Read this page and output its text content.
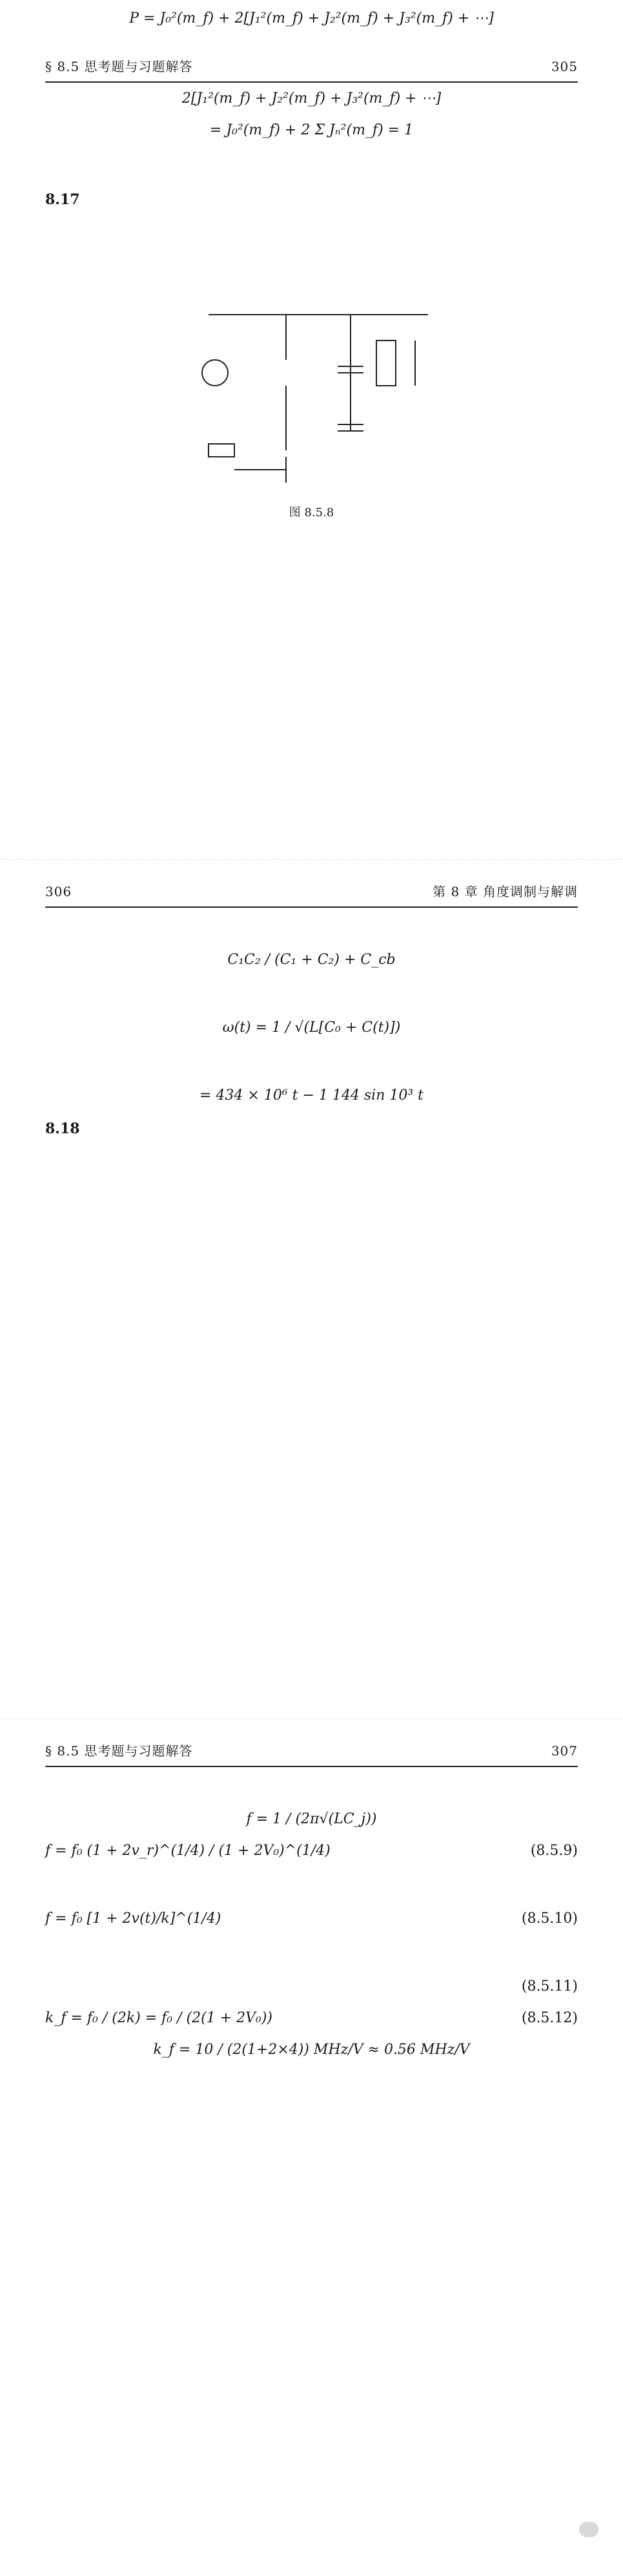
P = J₀²(m_f) + 2[J₁²(m_f) + J₂²(m_f) + J₃²(m_f) + ⋯]
§ 8.5 思考题与习题解答	305
2[J₁²(m_f) + J₂²(m_f) + J₃²(m_f) + ⋯]
= J₀²(m_f) + 2 Σ Jₙ²(m_f) = 1
8.17
图 8.5.8
306	第 8 章 角度调制与解调
C₁C₂ / (C₁ + C₂) + C_cb
ω(t) = 1 / √(L[C₀ + C(t)])
= 434 × 10⁶ t − 1 144 sin 10³ t
8.18
§ 8.5 思考题与习题解答	307
f = 1 / (2π√(LC_j))
f = f₀ (1 + 2v_r)^(1/4) / (1 + 2V₀)^(1/4)	(8.5.9)
f = f₀ [1 + 2v(t)/k]^(1/4)	(8.5.10)
(8.5.11)
k_f = f₀ / (2k) = f₀ / (2(1 + 2V₀))	(8.5.12)
k_f = 10 / (2(1+2×4)) MHz/V ≈ 0.56 MHz/V
